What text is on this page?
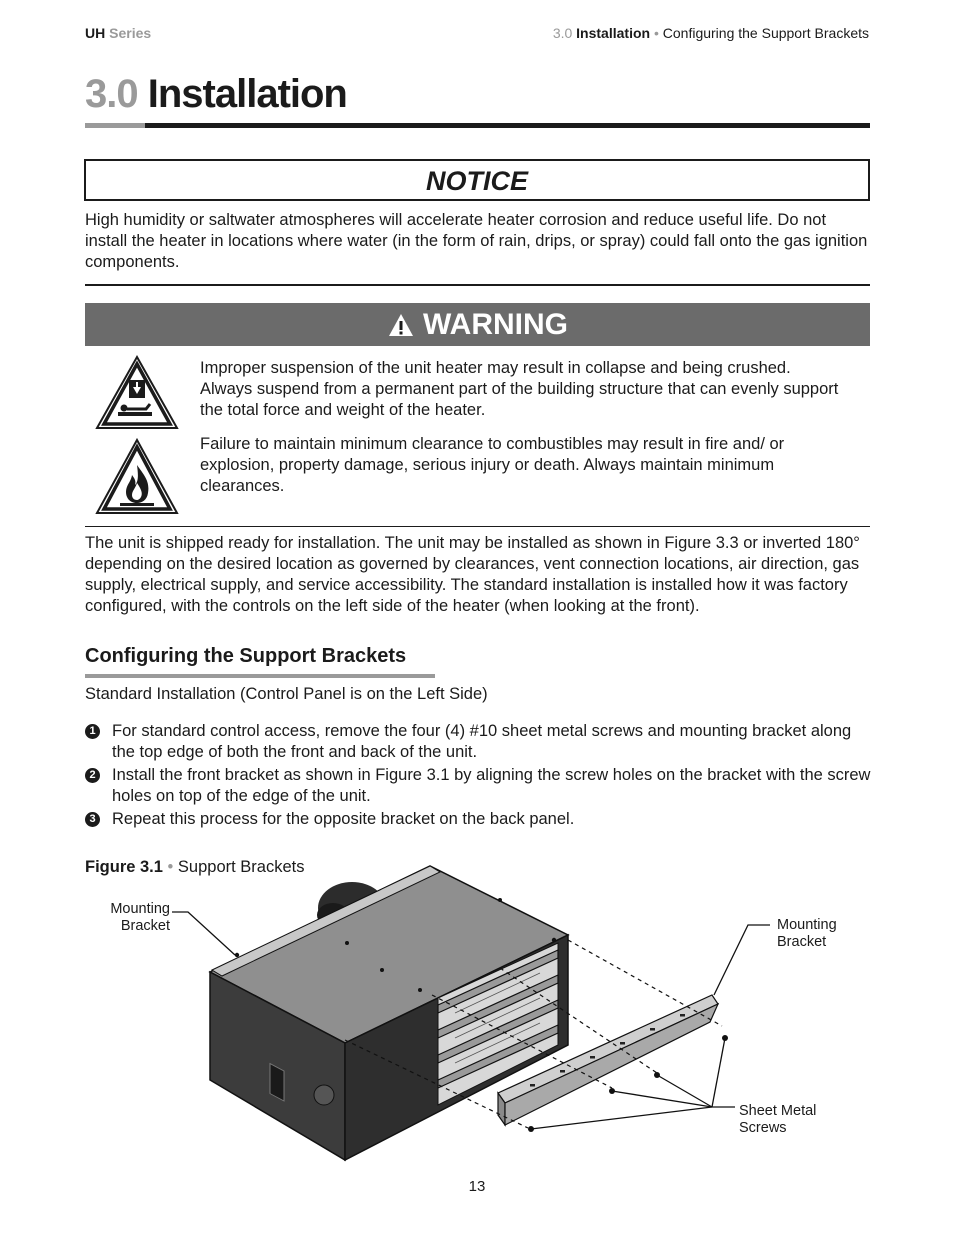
UH Series	3.0 Installation • Configuring the Support Brackets
3.0 Installation
NOTICE
High humidity or saltwater atmospheres will accelerate heater corrosion and reduce useful life. Do not install the heater in locations where water (in the form of rain, drips, or spray) could fall onto the gas ignition components.
WARNING
Improper suspension of the unit heater may result in collapse and being crushed. Always suspend from a permanent part of the building structure that can evenly support the total force and weight of the heater.
Failure to maintain minimum clearance to combustibles may result in fire and/ or explosion, property damage, serious injury or death. Always maintain minimum clearances.
The unit is shipped ready for installation. The unit may be installed as shown in Figure 3.3 or inverted 180° depending on the desired location as governed by clearances, vent connection locations, air direction, gas supply, electrical supply, and service accessibility. The standard installation is installed how it was factory configured, with the controls on the left side of the heater (when looking at the front).
Configuring the Support Brackets
Standard Installation (Control Panel is on the Left Side)
1 For standard control access, remove the four (4) #10 sheet metal screws and mounting bracket along the top edge of both the front and back of the unit.
2 Install the front bracket as shown in Figure 3.1 by aligning the screw holes on the bracket with the screw holes on top of the edge of the unit.
3 Repeat this process for the opposite bracket on the back panel.
Figure 3.1 • Support Brackets
Mounting
Bracket	Mounting
Bracket
Sheet Metal
Screws
13
